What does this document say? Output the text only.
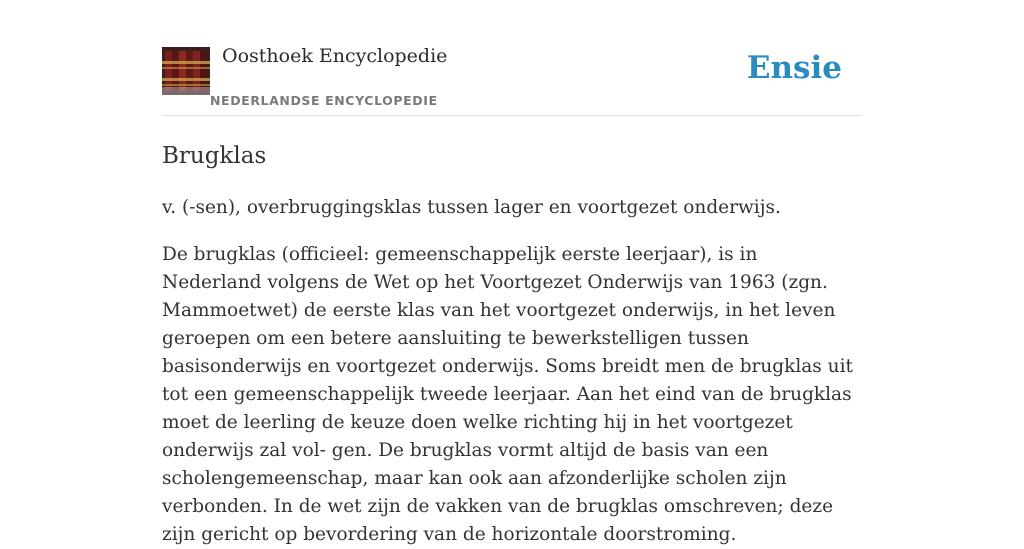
Oosthoek Encyclopedie
NEDERLANDSE ENCYCLOPEDIE
Ensie
Brugklas

v. (-sen), overbruggingsklas tussen lager en voortgezet onderwijs.

De brugklas (officieel: gemeenschappelijk eerste leerjaar), is in Nederland volgens de Wet op het Voortgezet Onderwijs van 1963 (zgn. Mammoetwet) de eerste klas van het voortgezet onderwijs, in het leven geroepen om een betere aansluiting te bewerkstelligen tussen basisonderwijs en voortgezet onderwijs. Soms breidt men de brugklas uit tot een gemeenschappelijk tweede leerjaar. Aan het eind van de brugklas moet de leerling de keuze doen welke richting hij in het voortgezet onderwijs zal vol- gen. De brugklas vormt altijd de basis van een scholengemeenschap, maar kan ook aan afzonderlijke scholen zijn verbonden. In de wet zijn de vakken van de brugklas omschreven; deze zijn gericht op bevordering van de horizontale doorstroming.
